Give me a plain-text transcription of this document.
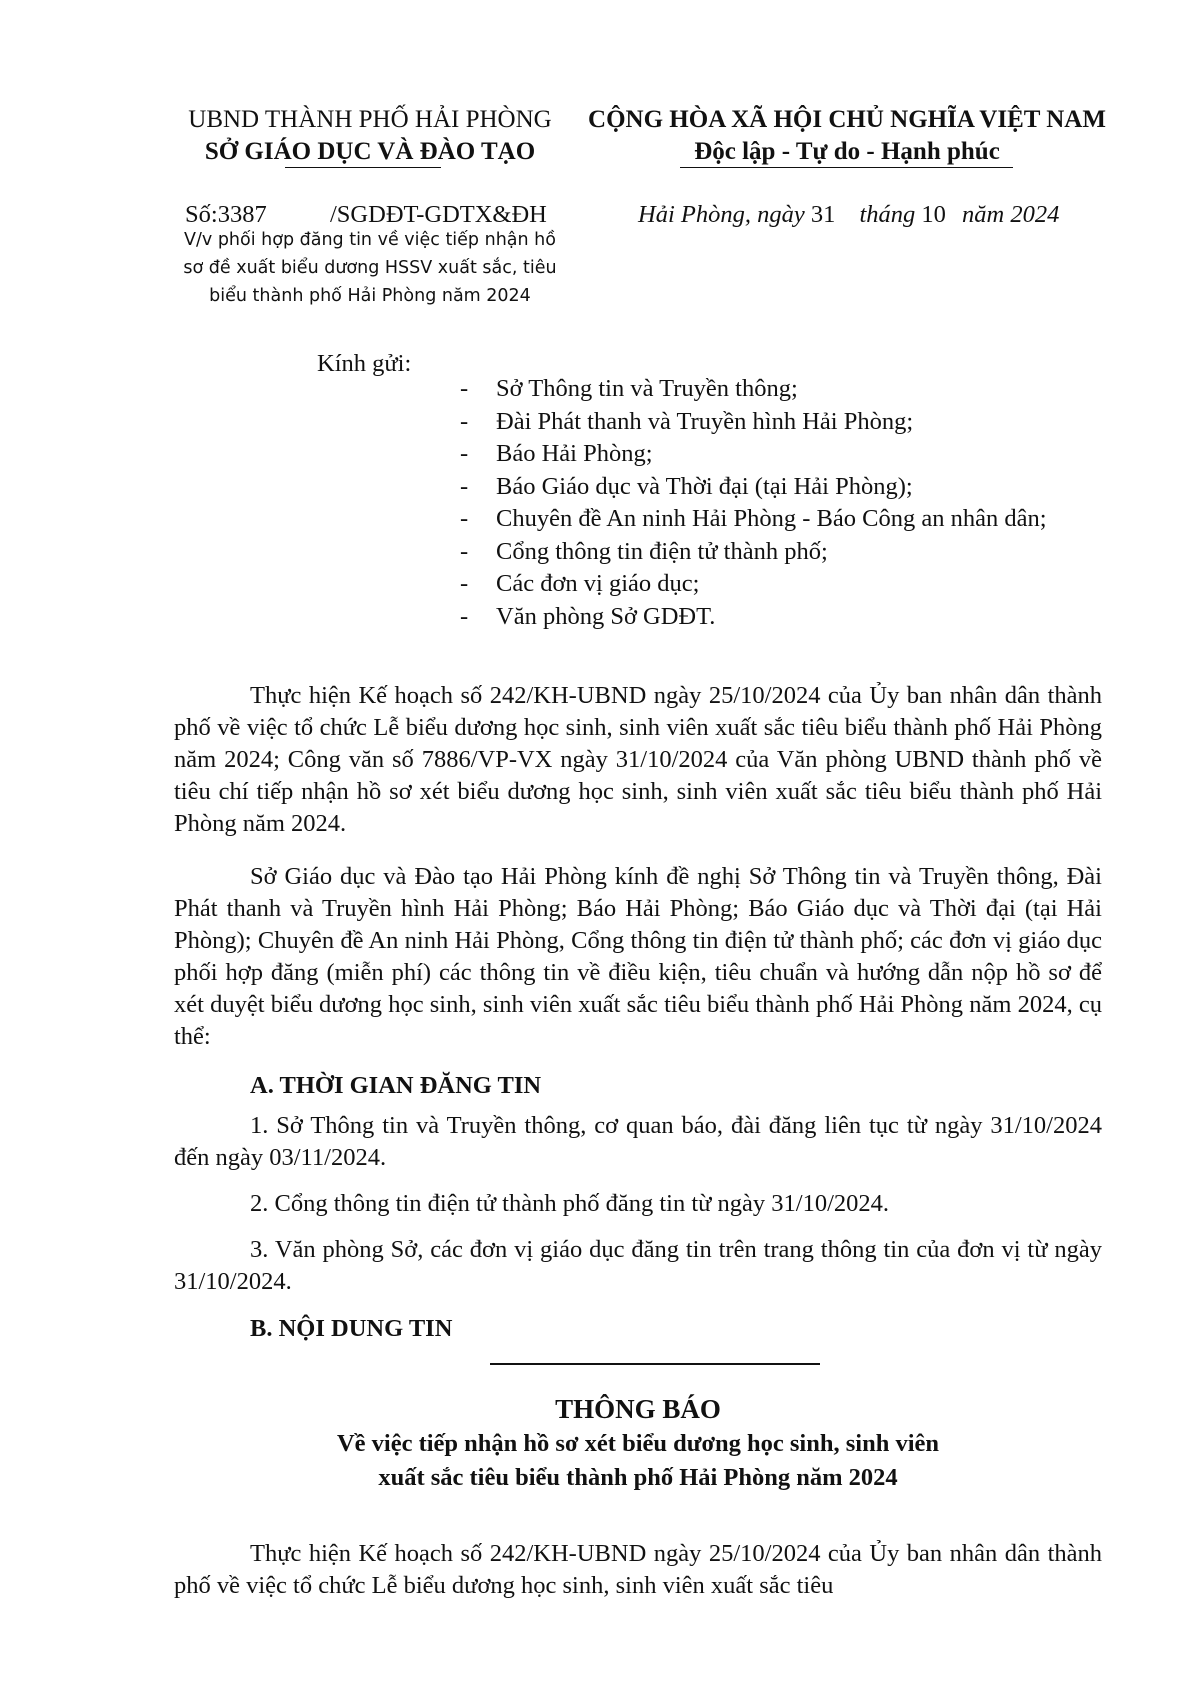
UBND THÀNH PHỐ HẢI PHÒNG
SỞ GIÁO DỤC VÀ ĐÀO TẠO
CỘNG HÒA XÃ HỘI CHỦ NGHĨA VIỆT NAM
Độc lập - Tự do - Hạnh phúc
Số:3387	/SGDĐT-GDTX&ĐH
V/v phối hợp đăng tin về việc tiếp nhận hồ
sơ đề xuất biểu dương HSSV xuất sắc, tiêu
biểu thành phố Hải Phòng năm 2024
Hải Phòng, ngày 31 tháng 10 năm 2024
Kính gửi:
- Sở Thông tin và Truyền thông;
- Đài Phát thanh và Truyền hình Hải Phòng;
- Báo Hải Phòng;
- Báo Giáo dục và Thời đại (tại Hải Phòng);
- Chuyên đề An ninh Hải Phòng - Báo Công an nhân dân;
- Cổng thông tin điện tử thành phố;
- Các đơn vị giáo dục;
- Văn phòng Sở GDĐT.
Thực hiện Kế hoạch số 242/KH-UBND ngày 25/10/2024 của Ủy ban nhân dân thành phố về việc tổ chức Lễ biểu dương học sinh, sinh viên xuất sắc tiêu biểu thành phố Hải Phòng năm 2024; Công văn số 7886/VP-VX ngày 31/10/2024 của Văn phòng UBND thành phố về tiêu chí tiếp nhận hồ sơ xét biểu dương học sinh, sinh viên xuất sắc tiêu biểu thành phố Hải Phòng năm 2024.
Sở Giáo dục và Đào tạo Hải Phòng kính đề nghị Sở Thông tin và Truyền thông, Đài Phát thanh và Truyền hình Hải Phòng; Báo Hải Phòng; Báo Giáo dục và Thời đại (tại Hải Phòng); Chuyên đề An ninh Hải Phòng, Cổng thông tin điện tử thành phố; các đơn vị giáo dục phối hợp đăng (miễn phí) các thông tin về điều kiện, tiêu chuẩn và hướng dẫn nộp hồ sơ để xét duyệt biểu dương học sinh, sinh viên xuất sắc tiêu biểu thành phố Hải Phòng năm 2024, cụ thể:
A. THỜI GIAN ĐĂNG TIN
1. Sở Thông tin và Truyền thông, cơ quan báo, đài đăng liên tục từ ngày 31/10/2024 đến ngày 03/11/2024.
2. Cổng thông tin điện tử thành phố đăng tin từ ngày 31/10/2024.
3. Văn phòng Sở, các đơn vị giáo dục đăng tin trên trang thông tin của đơn vị từ ngày 31/10/2024.
B. NỘI DUNG TIN
THÔNG BÁO
Về việc tiếp nhận hồ sơ xét biểu dương học sinh, sinh viên
xuất sắc tiêu biểu thành phố Hải Phòng năm 2024
Thực hiện Kế hoạch số 242/KH-UBND ngày 25/10/2024 của Ủy ban nhân dân thành phố về việc tổ chức Lễ biểu dương học sinh, sinh viên xuất sắc tiêu
